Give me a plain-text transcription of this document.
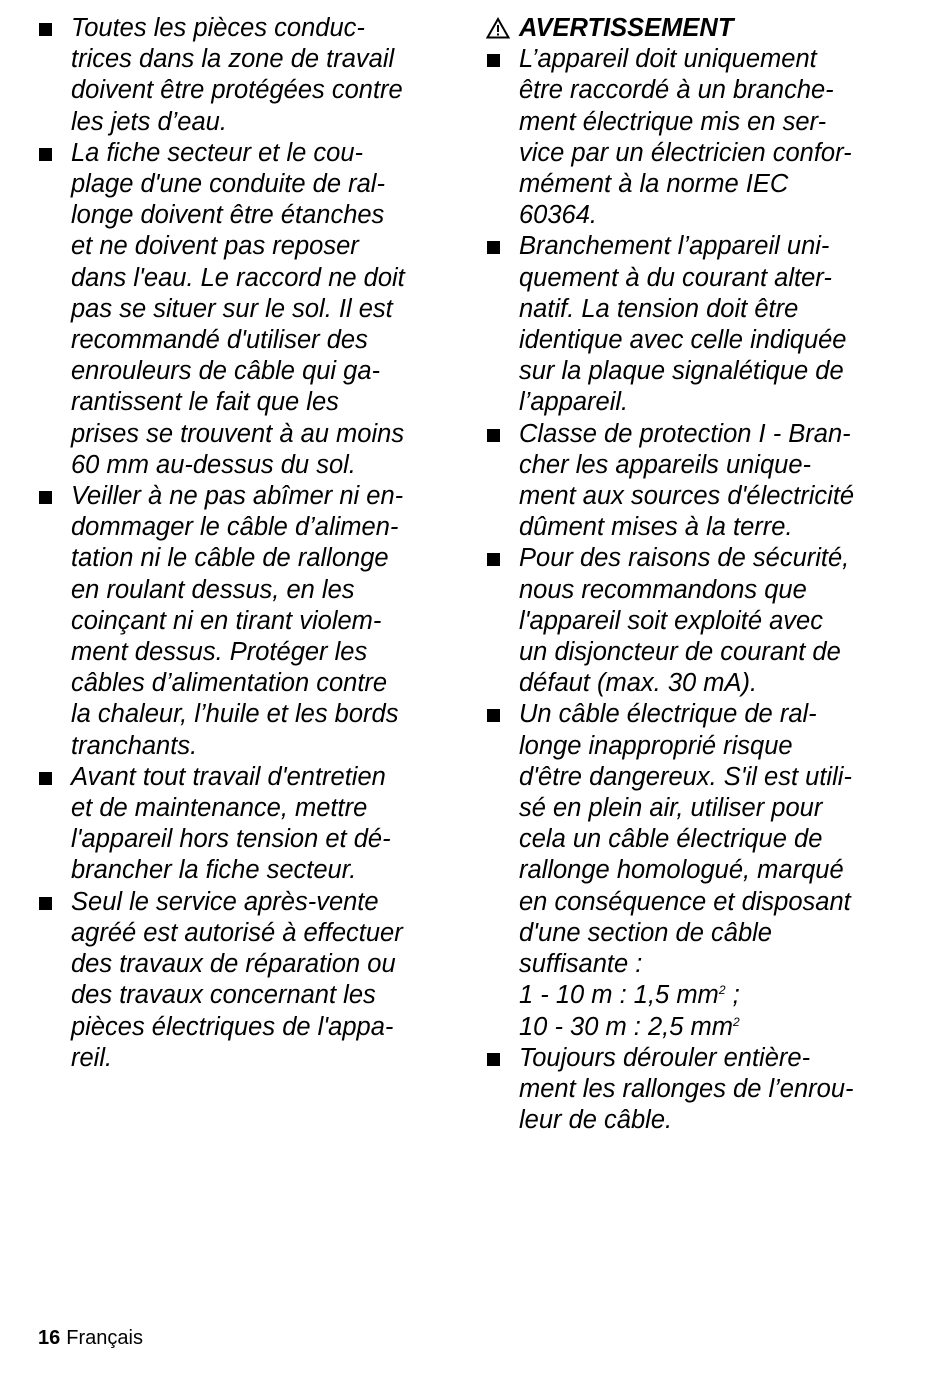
Toutes les pièces conduc-
trices dans la zone de travail
doivent être protégées contre
les jets d’eau.
La fiche secteur et le cou-
plage d'une conduite de ral-
longe doivent être étanches
et ne doivent pas reposer
dans l'eau. Le raccord ne doit
pas se situer sur le sol. Il est
recommandé d'utiliser des
enrouleurs de câble qui ga-
rantissent le fait que les
prises se trouvent à au moins
60 mm au-dessus du sol.
Veiller à ne pas abîmer ni en-
dommager le câble d’alimen-
tation ni le câble de rallonge
en roulant dessus, en les
coinçant ni en tirant violem-
ment dessus. Protéger les
câbles d’alimentation contre
la chaleur, l’huile et les bords
tranchants.
Avant tout travail d'entretien
et de maintenance, mettre
l'appareil hors tension et dé-
brancher la fiche secteur.
Seul le service après-vente
agréé est autorisé à effectuer
des travaux de réparation ou
des travaux concernant les
pièces électriques de l'appa-
reil.
AVERTISSEMENT
L’appareil doit uniquement
être raccordé à un branche-
ment électrique mis en ser-
vice par un électricien confor-
mément à la norme IEC
60364.
Branchement l’appareil uni-
quement à du courant alter-
natif. La tension doit être
identique avec celle indiquée
sur la plaque signalétique de
l’appareil.
Classe de protection I - Bran-
cher les appareils unique-
ment aux sources d'électricité
dûment mises à la terre.
Pour des raisons de sécurité,
nous recommandons que
l'appareil soit exploité avec
un disjoncteur de courant de
défaut (max. 30 mA).
Un câble électrique de ral-
longe inapproprié risque
d'être dangereux. S'il est utili-
sé en plein air, utiliser pour
cela un câble électrique de
rallonge homologué, marqué
en conséquence et disposant
d'une section de câble
suffisante :
1 - 10 m : 1,5 $mm^2$ ;
10 - 30 m : 2,5 $mm^2$
Toujours dérouler entière-
ment les rallonges de l’enrou-
leur de câble.
16 Français
